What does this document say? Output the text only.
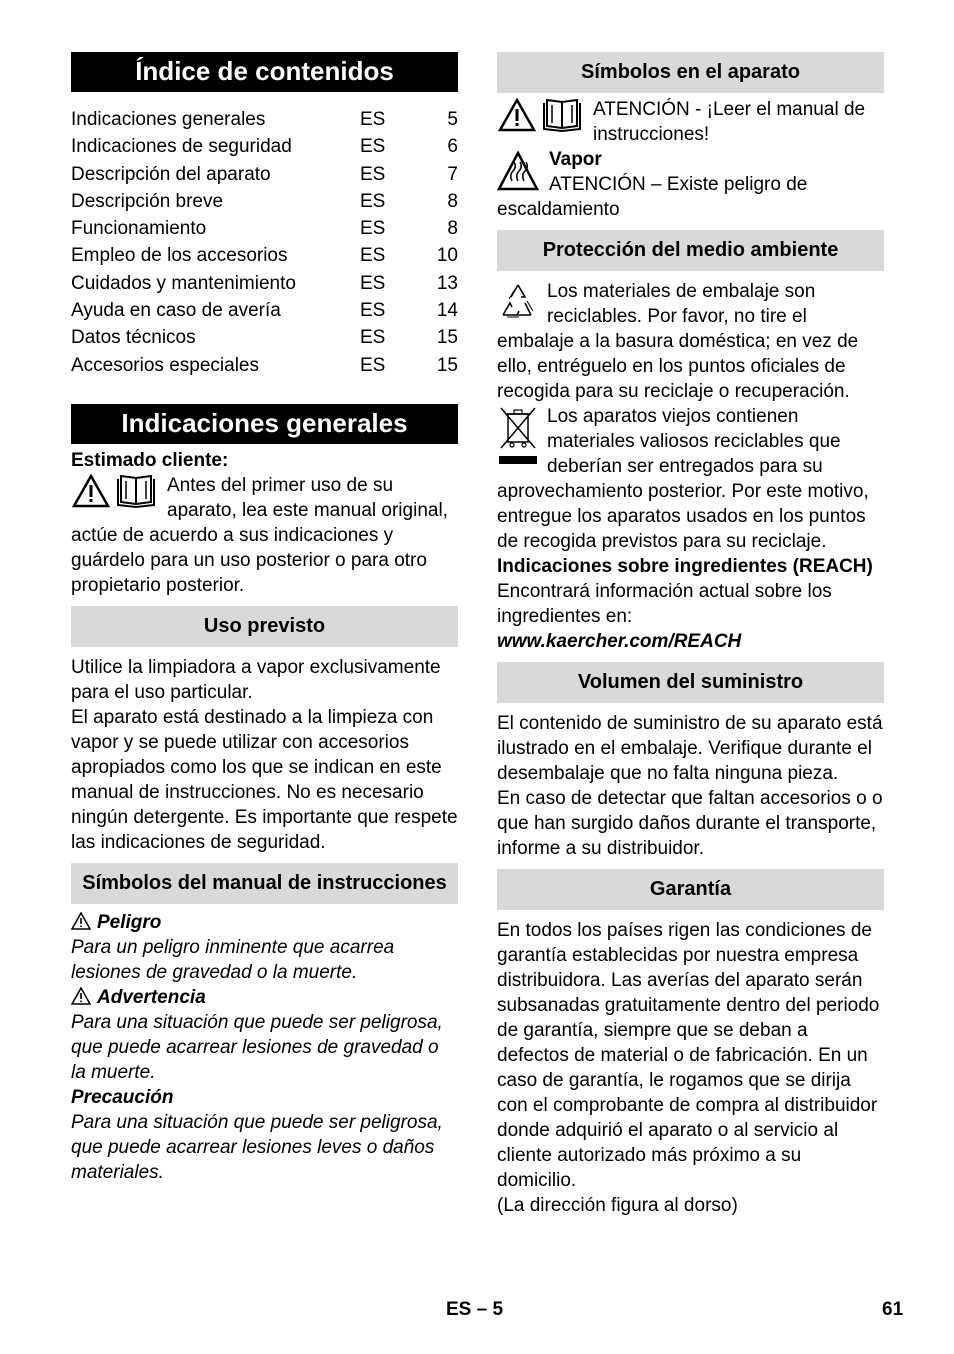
Índice de contenidos
Indicaciones generales	ES	5
Indicaciones de seguridad	ES	6
Descripción del aparato	ES	7
Descripción breve	ES	8
Funcionamiento	ES	8
Empleo de los accesorios	ES	10
Cuidados y mantenimiento	ES	13
Ayuda en caso de avería	ES	14
Datos técnicos	ES	15
Accesorios especiales	ES	15
Indicaciones generales

Estimado cliente:

Antes del primer uso de su aparato, lea este manual original, actúe de acuerdo a sus indicaciones y guárdelo para un uso posterior o para otro propietario posterior.

Uso previsto

Utilice la limpiadora a vapor exclusivamente para el uso particular.

El aparato está destinado a la limpieza con vapor y se puede utilizar con accesorios apropiados como los que se indican en este manual de instrucciones. No es necesario ningún detergente. Es importante que respete las indicaciones de seguridad.

Símbolos del manual de instrucciones

Peligro

Para un peligro inminente que acarrea lesiones de gravedad o la muerte.

Advertencia

Para una situación que puede ser peligrosa, que puede acarrear lesiones de gravedad o la muerte.

Precaución

Para una situación que puede ser peligrosa, que puede acarrear lesiones leves o daños materiales.

Símbolos en el aparato

ATENCIÓN - ¡Leer el manual de instrucciones!

Vapor

ATENCIÓN – Existe peligro de escaldamiento

Protección del medio ambiente

Los materiales de embalaje son reciclables. Por favor, no tire el embalaje a la basura doméstica; en vez de ello, entréguelo en los puntos oficiales de recogida para su reciclaje o recuperación.

Los aparatos viejos contienen materiales valiosos reciclables que deberían ser entregados para su aprovechamiento posterior. Por este motivo, entregue los aparatos usados en los puntos de recogida previstos para su reciclaje.

Indicaciones sobre ingredientes (REACH)

Encontrará información actual sobre los ingredientes en:

www.kaercher.com/REACH

Volumen del suministro

El contenido de suministro de su aparato está ilustrado en el embalaje. Verifique durante el desembalaje que no falta ninguna pieza.

En caso de detectar que faltan accesorios o o que han surgido daños durante el transporte, informe a su distribuidor.

Garantía

En todos los países rigen las condiciones de garantía establecidas por nuestra empresa distribuidora. Las averías del aparato serán subsanadas gratuitamente dentro del periodo de garantía, siempre que se deban a defectos de material o de fabricación. En un caso de garantía, le rogamos que se dirija con el comprobante de compra al distribuidor donde adquirió el aparato o al servicio al cliente autorizado más próximo a su domicilio.

(La dirección figura al dorso)

ES – 5	61
